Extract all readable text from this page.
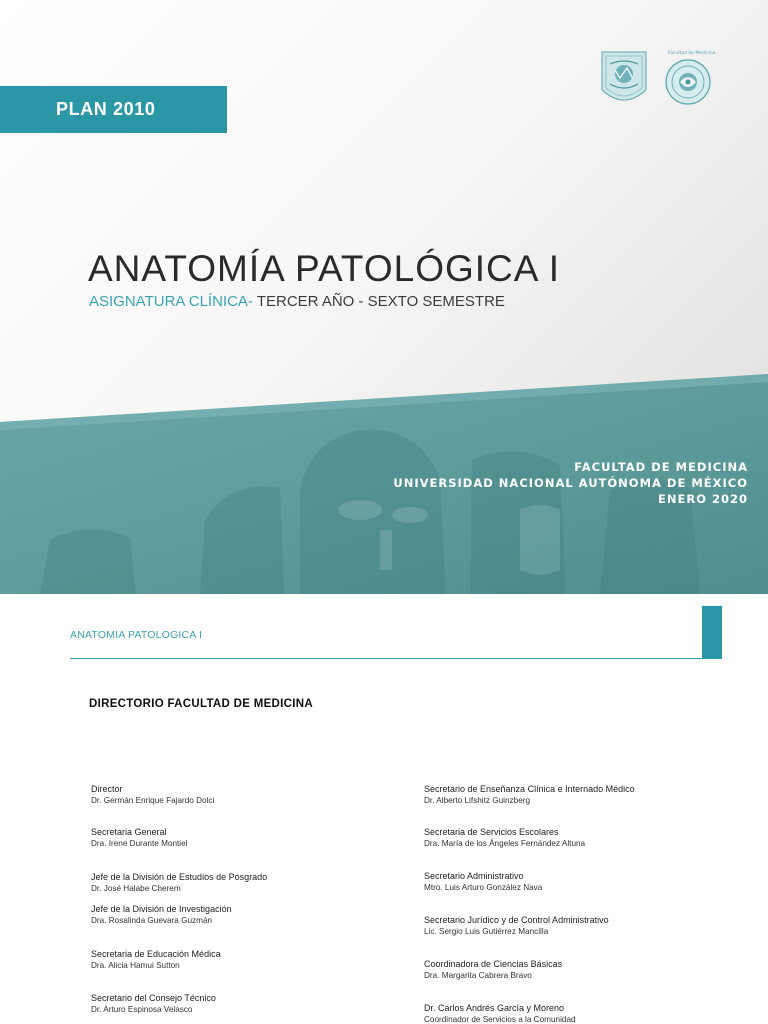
PLAN 2010
Facultad de Medicina
ANATOMÍA PATOLÓGICA I
ASIGNATURA CLÍNICA- TERCER AÑO - SEXTO SEMESTRE
FACULTAD DE MEDICINA
UNIVERSIDAD NACIONAL AUTÓNOMA DE MÉXICO
ENERO 2020
ANATOMIA PATOLOGICA I
DIRECTORIO FACULTAD DE MEDICINA
Director
Dr. Germán Enrique Fajardo Dolci
Secretaria General
Dra. Irene Durante Montiel
Jefe de la División de Estudios de Posgrado
Dr. José Halabe Cherem
Jefe de la División de Investigación
Dra. Rosalinda Guevara Guzmán
Secretaria de Educación Médica
Dra. Alicia Hamui Sutton
Secretario del Consejo Técnico
Dr. Arturo Espinosa Velasco
Secretario de Enseñanza Clínica e Internado Médico
Dr. Alberto Lifshitz Guinzberg
Secretaria de Servicios Escolares
Dra. María de los Ángeles Fernández Altuna
Secretario Administrativo
Mtro. Luis Arturo González Nava
Secretario Jurídico y de Control Administrativo
Lic. Sergio Luis Gutiérrez Mancilla
Coordinadora de Ciencias Básicas
Dra. Margarita Cabrera Bravo
Dr. Carlos Andrés García y Moreno
Coordinador de Servicios a la Comunidad
